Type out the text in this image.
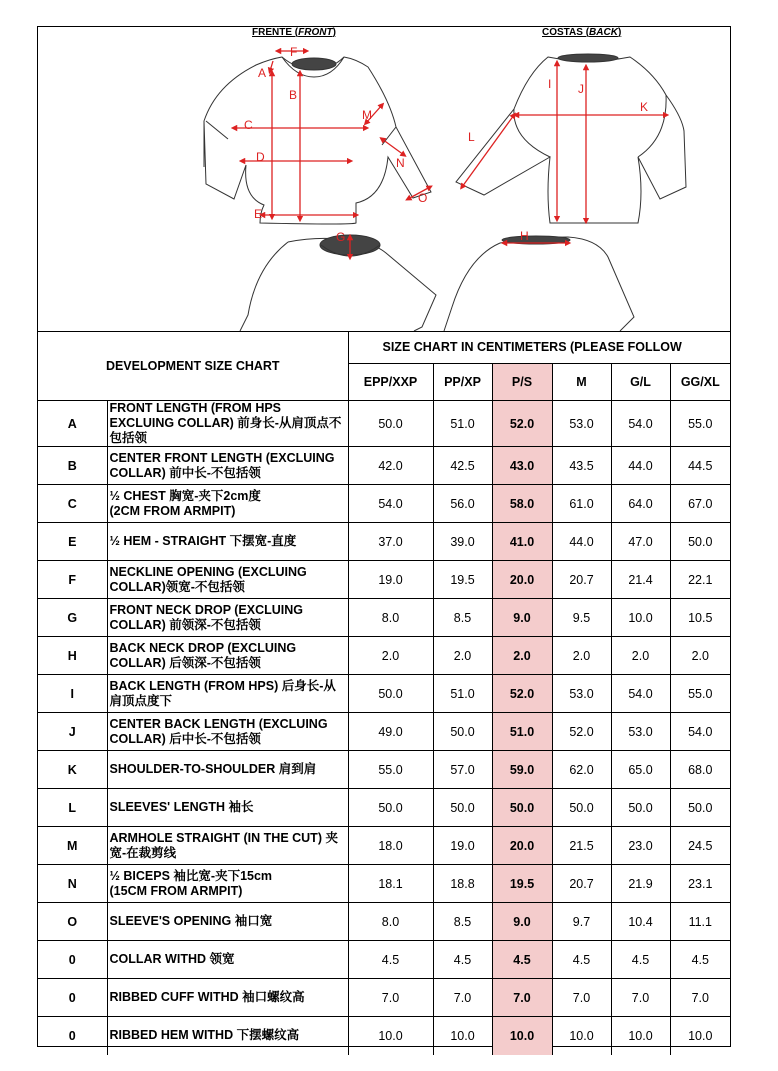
FRENTE (FRONT)	COSTAS (BACK)
F
A
B
C
D
E
M
N
O
G
I J
K
L
H
DEVELOPMENT SIZE CHART		SIZE CHART IN CENTIMETERS (PLEASE FOLLOW					
		EPP/XXP	PP/XP	P/S	M	G/L	GG/XL
A	FRONT LENGTH (FROM HPS EXCLUING COLLAR) 前身长-从肩顶点不包括领	50.0	51.0	52.0	53.0	54.0	55.0
B	CENTER FRONT LENGTH (EXCLUING COLLAR) 前中长-不包括领	42.0	42.5	43.0	43.5	44.0	44.5
C	½ CHEST 胸宽-夹下2cm度
(2CM FROM ARMPIT)	54.0	56.0	58.0	61.0	64.0	67.0
E	½ HEM - STRAIGHT 下摆宽-直度	37.0	39.0	41.0	44.0	47.0	50.0
F	NECKLINE OPENING (EXCLUING COLLAR)领宽-不包括领	19.0	19.5	20.0	20.7	21.4	22.1
G	FRONT NECK DROP (EXCLUING COLLAR) 前领深-不包括领	8.0	8.5	9.0	9.5	10.0	10.5
H	BACK NECK DROP (EXCLUING COLLAR) 后领深-不包括领	2.0	2.0	2.0	2.0	2.0	2.0
I	BACK LENGTH (FROM HPS) 后身长-从肩顶点度下	50.0	51.0	52.0	53.0	54.0	55.0
J	CENTER BACK LENGTH (EXCLUING COLLAR) 后中长-不包括领	49.0	50.0	51.0	52.0	53.0	54.0
K	SHOULDER-TO-SHOULDER 肩到肩	55.0	57.0	59.0	62.0	65.0	68.0
L	SLEEVES' LENGTH 袖长	50.0	50.0	50.0	50.0	50.0	50.0
M	ARMHOLE STRAIGHT (IN THE CUT) 夹宽-在裁剪线	18.0	19.0	20.0	21.5	23.0	24.5
N	½ BICEPS 袖比宽-夹下15cm
(15CM FROM ARMPIT)	18.1	18.8	19.5	20.7	21.9	23.1
O	SLEEVE'S OPENING 袖口宽	8.0	8.5	9.0	9.7	10.4	11.1
0	COLLAR WITHD 领宽	4.5	4.5	4.5	4.5	4.5	4.5
0	RIBBED CUFF WITHD 袖口螺纹高	7.0	7.0	7.0	7.0	7.0	7.0
0	RIBBED HEM WITHD 下摆螺纹高	10.0	10.0	10.0	10.0	10.0	10.0
